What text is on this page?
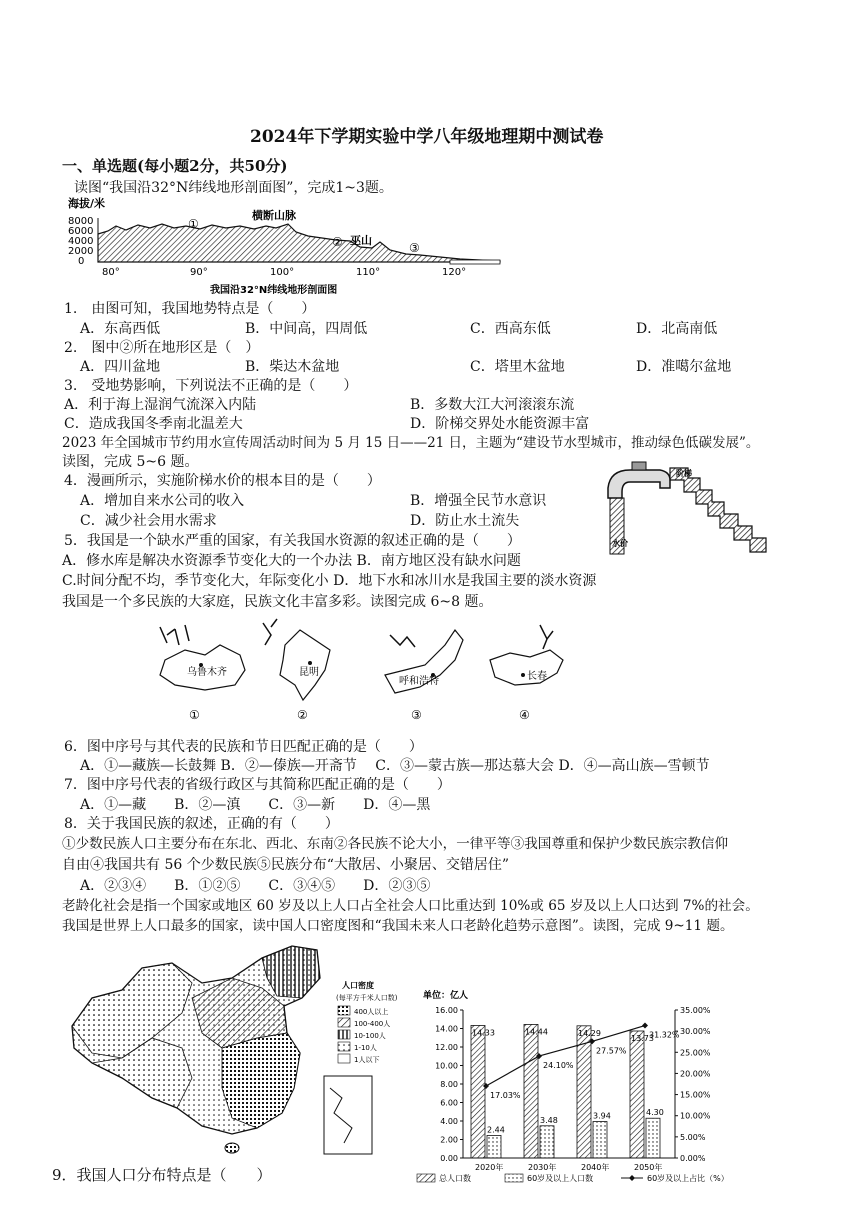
2024年下学期实验中学八年级地理期中测试卷
一、单选题(每小题2分，共50分)
读图“我国沿32°N纬线地形剖面图”，完成1~3题。
海拔/米
8000
6000
4000
2000
0
①
横断山脉
② 巫山
③
80°	90°	100°	110°	120°
我国沿32°N纬线地形剖面图
1.　由图可知，我国地势特点是（　　）
A．东高西低	B．中间高，四周低	C．西高东低	D．北高南低
2.　图中②所在地形区是（　）
A．四川盆地	B．柴达木盆地	C．塔里木盆地	D．准噶尔盆地
3.　受地势影响，下列说法不正确的是（　　）
A．利于海上湿润气流深入内陆	B．多数大江大河滚滚东流
C．造成我国冬季南北温差大	D．阶梯交界处水能资源丰富
2023 年全国城市节约用水宣传周活动时间为 5 月 15 日——21 日，主题为“建设节水型城市，推动绿色低碳发展”。
读图，完成 5~6 题。
4．漫画所示，实施阶梯水价的根本目的是（　　）
A．增加自来水公司的收入	B．增强全民节水意识
C．减少社会用水需求	D．防止水土流失
阶梯
水价
5．我国是一个缺水严重的国家，有关我国水资源的叙述正确的是（　　）
A．修水库是解决水资源季节变化大的一个办法 B．南方地区没有缺水问题
C.时间分配不均，季节变化大，年际变化小 D．地下水和冰川水是我国主要的淡水资源
我国是一个多民族的大家庭，民族文化丰富多彩。读图完成 6~8 题。
乌鲁木齐
①
昆明
②
呼和浩特
③
长春
④
6．图中序号与其代表的民族和节日匹配正确的是（　　）
A．①—藏族—长鼓舞 B．②—傣族—开斋节　 C．③—蒙古族—那达慕大会 D．④—高山族—雪顿节
7．图中序号代表的省级行政区与其简称匹配正确的是（　　）
A．①—藏　　B．②—滇　　C．③—新　　D．④—黑
8．关于我国民族的叙述，正确的有（　　）
①少数民族人口主要分布在东北、西北、东南②各民族不论大小，一律平等③我国尊重和保护少数民族宗教信仰
自由④我国共有 56 个少数民族⑤民族分布“大散居、小聚居、交错居住”
A．②③④　　B．①②⑤　　C．③④⑤　　D．②③⑤
老龄化社会是指一个国家或地区 60 岁及以上人口占全社会人口比重达到 10%或 65 岁及以上人口达到 7%的社会。
我国是世界上人口最多的国家，读中国人口密度图和“我国未来人口老龄化趋势示意图”。读图，完成 9~11 题。
人口密度
(每平方千米人口数)
400人以上
100-400人
10-100人
1-10人
1人以下
单位：亿人
16.00
14.00
12.00
10.00
8.00
6.00
4.00
2.00
0.00
35.00%
30.00%
25.00%
20.00%
15.00%
10.00%
5.00%
0.00%
14.33
2.44
2020年
14.44
3.48
2030年
14.29
3.94
2040年
13.73
4.30
2050年
17.03%
24.10%
27.57%
31.32%
总人口数	60岁及以上人口数	60岁及以上占比（%）
9．我国人口分布特点是（　　）
